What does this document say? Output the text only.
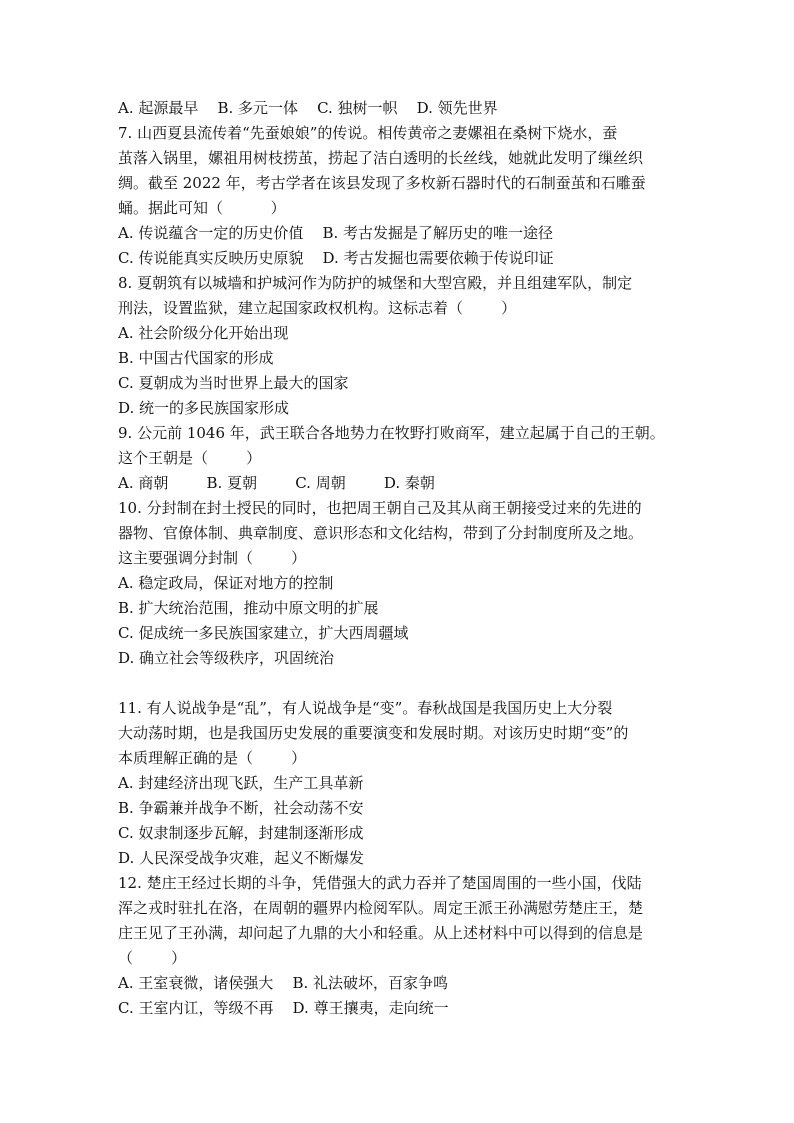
A. 起源最早    B. 多元一体    C. 独树一帜    D. 领先世界
7. 山西夏县流传着“先蚕娘娘”的传说。相传黄帝之妻嫘祖在桑树下烧水，蚕
茧落入锅里，嫘祖用树枝捞茧，捞起了洁白透明的长丝线，她就此发明了缫丝织
绸。截至 2022 年，考古学者在该县发现了多枚新石器时代的石制蚕茧和石雕蚕
蛹。据此可知（          ）
A. 传说蕴含一定的历史价值    B. 考古发掘是了解历史的唯一途径
C. 传说能真实反映历史原貌    D. 考古发掘也需要依赖于传说印证
8. 夏朝筑有以城墙和护城河作为防护的城堡和大型宫殿，并且组建军队，制定
刑法，设置监狱，建立起国家政权机构。这标志着（        ）
A. 社会阶级分化开始出现
B. 中国古代国家的形成
C. 夏朝成为当时世界上最大的国家
D. 统一的多民族国家形成
9. 公元前 1046 年，武王联合各地势力在牧野打败商军，建立起属于自己的王朝。
这个王朝是（        ）
A. 商朝        B. 夏朝        C. 周朝        D. 秦朝
10. 分封制在封土授民的同时，也把周王朝自己及其从商王朝接受过来的先进的
器物、官僚体制、典章制度、意识形态和文化结构，带到了分封制度所及之地。
这主要强调分封制（        ）
A. 稳定政局，保证对地方的控制
B. 扩大统治范围，推动中原文明的扩展
C. 促成统一多民族国家建立，扩大西周疆域
D. 确立社会等级秩序，巩固统治
11. 有人说战争是“乱”，有人说战争是“变”。春秋战国是我国历史上大分裂
大动荡时期，也是我国历史发展的重要演变和发展时期。对该历史时期“变”的
本质理解正确的是（        ）
A. 封建经济出现飞跃，生产工具革新
B. 争霸兼并战争不断，社会动荡不安
C. 奴隶制逐步瓦解，封建制逐渐形成
D. 人民深受战争灾难，起义不断爆发
12. 楚庄王经过长期的斗争，凭借强大的武力吞并了楚国周围的一些小国，伐陆
浑之戎时驻扎在洛，在周朝的疆界内检阅军队。周定王派王孙满慰劳楚庄王，楚
庄王见了王孙满，却问起了九鼎的大小和轻重。从上述材料中可以得到的信息是
（        ）
A. 王室衰微，诸侯强大    B. 礼法破坏，百家争鸣
C. 王室内讧，等级不再    D. 尊王攘夷，走向统一
